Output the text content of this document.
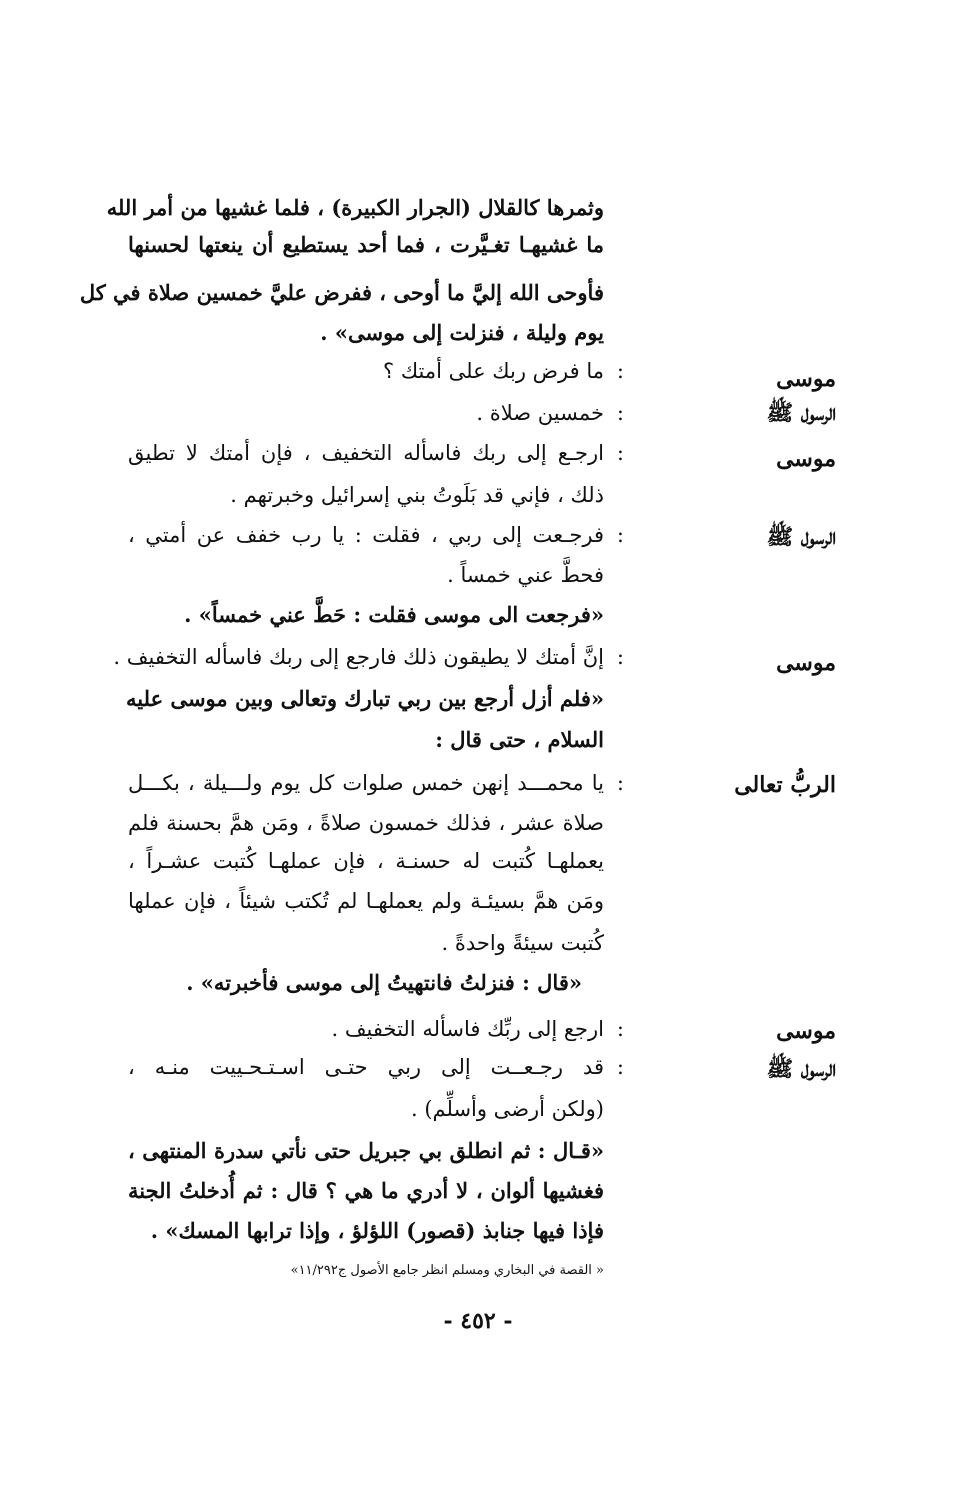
وثمرها كالقلال (الجرار الكبيرة) ، فلما غشيها من أمر الله
ما غشيهـا تغـيَّرت ، فما أحد يستطيع أن ينعتها لحسنها
فأوحى الله إليَّ ما أوحى ، ففرض عليَّ خمسين صلاة في كل
يوم وليلة ، فنزلت إلى موسى» .
موسى
:
ما فرض ربك على أمتك ؟
الرسول ﷺ
:
خمسين صلاة .
موسى
:
ارجـع إلى ربك فاسأله التخفيف ، فإن أمتك لا تطيق
ذلك ، فإني قد بَلَوتُ بني إسرائيل وخبرتهم .
الرسول ﷺ
:
فرجـعت إلى ربي ، فقلت : يا رب خفف عن أمتي ،
فحطَّ عني خمساً .
«فرجعت الى موسى فقلت : حَطَّ عني خمساً» .
موسى
:
إنَّ أمتك لا يطيقون ذلك فارجع إلى ربك فاسأله التخفيف .
«فلم أزل أرجع بين ربي تبارك وتعالى وبين موسى عليه
السلام ، حتى قال :
الربُّ تعالى
:
يا محمـــد إنهن خمس صلوات كل يوم ولـــيلة ، بكـــل
صلاة عشر ، فذلك خمسون صلاةً ، ومَن همَّ بحسنة فلم
يعملهـا كُتبت له حسنـة ، فإن عملهـا كُتبت عشـراً ،
ومَن همَّ بسيئـة ولم يعملهـا لم تُكتب شيئاً ، فإن عملها
كُتبت سيئةً واحدةً .
«قال : فنزلتُ فانتهيتُ إلى موسى فأخبرته» .
موسى
:
ارجع إلى ربِّك فاسأله التخفيف .
الرسول ﷺ
:
قد رجـعــت إلى ربي حتـى اسـتـحـييت منـه ،
(ولكن أرضى وأسلِّم) .
«قـال : ثم انطلق بي جبريل حتى نأتي سدرة المنتهى ،
فغشيها ألوان ، لا أدري ما هي ؟ قال : ثم أُدخلتُ الجنة
فإذا فيها جنابذ (قصور) اللؤلؤ ، وإذا ترابها المسك» .
« القصة في البخاري ومسلم انظر جامع الأصول ج١١/٢٩٢»
- ٤٥٢ -
